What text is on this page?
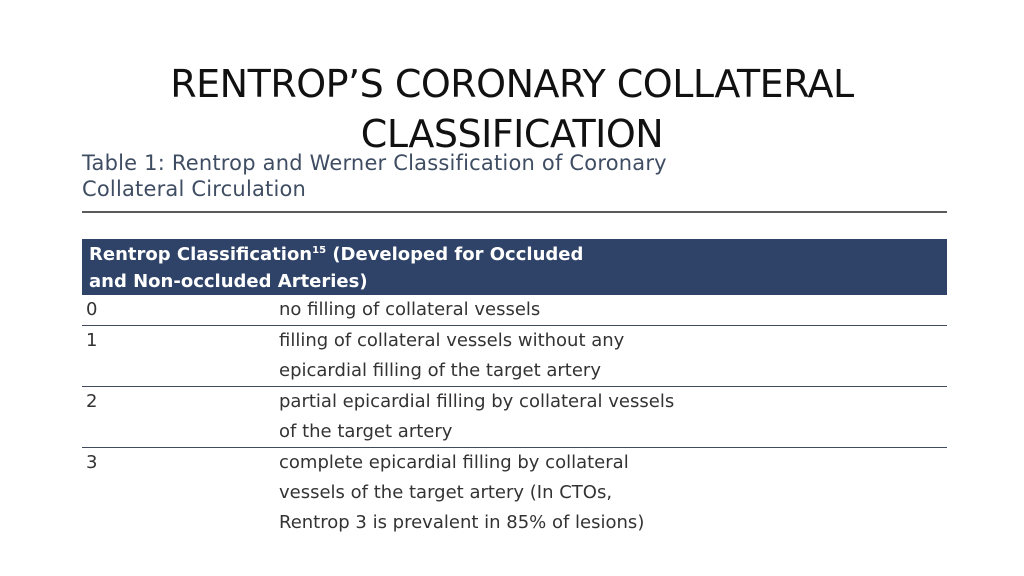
RENTROP’S CORONARY COLLATERAL
CLASSIFICATION
Table 1: Rentrop and Werner Classification of Coronary
Collateral Circulation
Rentrop Classification$^{15}$ (Developed for Occluded
and Non-occluded Arteries)
0	no filling of collateral vessels
1	filling of collateral vessels without any
epicardial filling of the target artery
2	partial epicardial filling by collateral vessels
of the target artery
3	complete epicardial filling by collateral
vessels of the target artery (In CTOs,
Rentrop 3 is prevalent in 85% of lesions)
